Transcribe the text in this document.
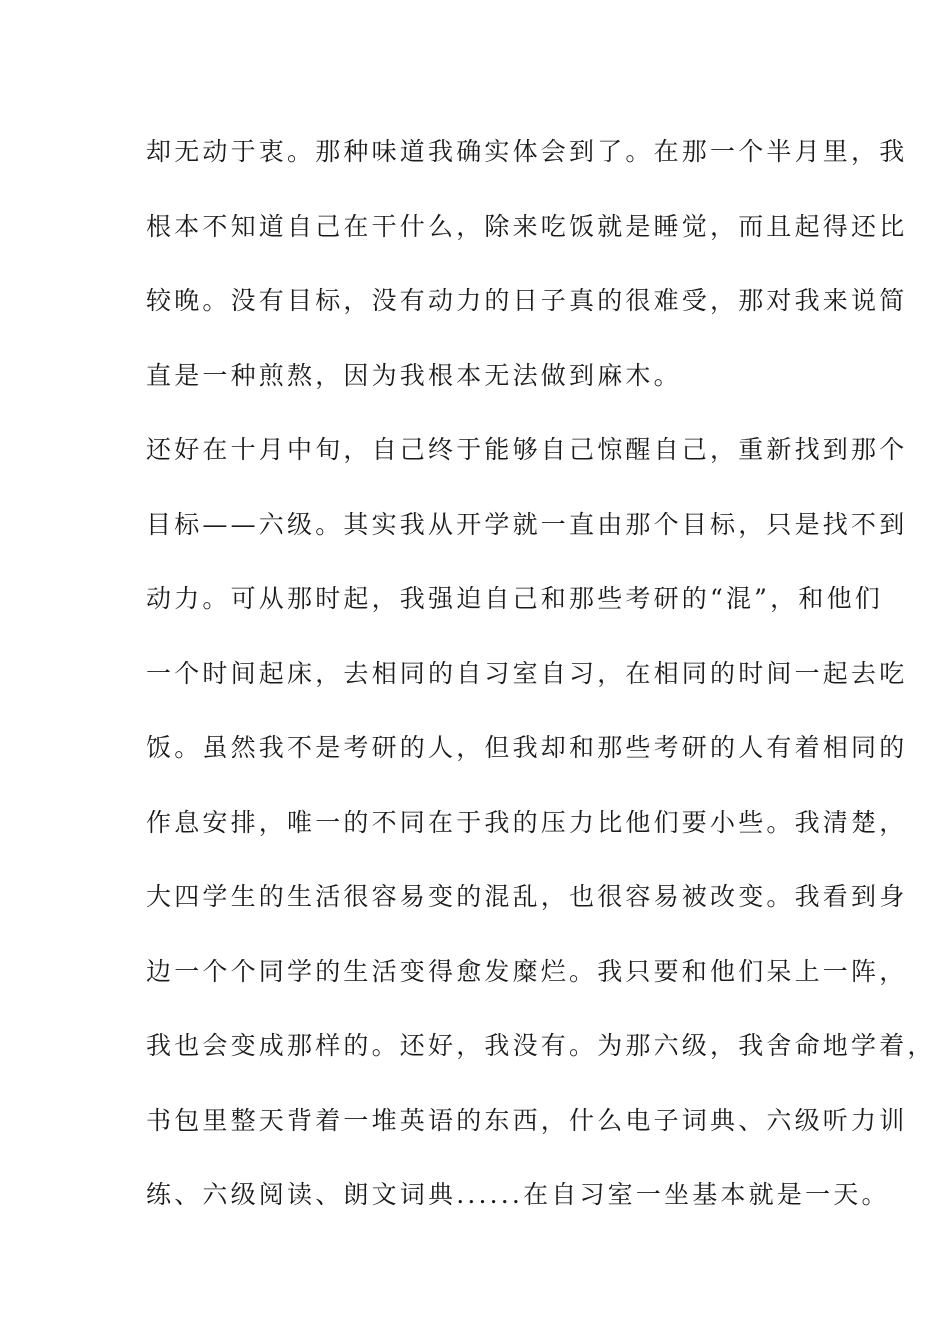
却无动于衷。那种味道我确实体会到了。在那一个半月里，我
根本不知道自己在干什么，除来吃饭就是睡觉，而且起得还比
较晚。没有目标，没有动力的日子真的很难受，那对我来说简
直是一种煎熬，因为我根本无法做到麻木。
还好在十月中旬，自己终于能够自己惊醒自己，重新找到那个
目标——六级。其实我从开学就一直由那个目标，只是找不到
动力。可从那时起，我强迫自己和那些考研的“混”，和他们
一个时间起床，去相同的自习室自习，在相同的时间一起去吃
饭。虽然我不是考研的人，但我却和那些考研的人有着相同的
作息安排，唯一的不同在于我的压力比他们要小些。我清楚，
大四学生的生活很容易变的混乱，也很容易被改变。我看到身
边一个个同学的生活变得愈发糜烂。我只要和他们呆上一阵，
我也会变成那样的。还好，我没有。为那六级，我舍命地学着，
书包里整天背着一堆英语的东西，什么电子词典、六级听力训
练、六级阅读、朗文词典......在自习室一坐基本就是一天。
